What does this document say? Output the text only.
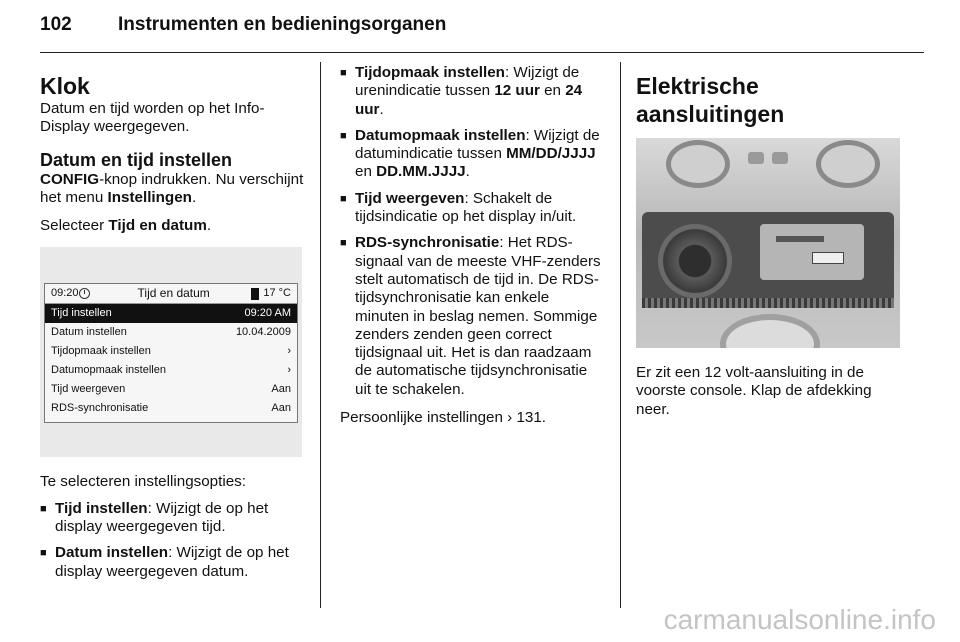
102 Instrumenten en bedieningsorganen
Klok

Datum en tijd worden op het Info-Display weergegeven.

Datum en tijd instellen

CONFIG-knop indrukken. Nu verschijnt het menu Instellingen.

Selecteer Tijd en datum.

09:20	Tijd en datum	17 °C
Tijd instellen	09:20 AM
Datum instellen	10.04.2009
Tijdopmaak instellen	›
Datumopmaak instellen	›
Tijd weergeven	Aan
RDS-synchronisatie	Aan

Te selecteren instellingsopties:

■ Tijd instellen: Wijzigt de op het display weergegeven tijd.
■ Datum instellen: Wijzigt de op het display weergegeven datum.
■ Tijdopmaak instellen: Wijzigt de urenindicatie tussen 12 uur en 24 uur.
■ Datumopmaak instellen: Wijzigt de datumindicatie tussen MM/DD/JJJJ en DD.MM.JJJJ.
■ Tijd weergeven: Schakelt de tijdsindicatie op het display in/uit.
■ RDS-synchronisatie: Het RDS-signaal van de meeste VHF-zenders stelt automatisch de tijd in. De RDS-tijdsynchronisatie kan enkele minuten in beslag nemen. Sommige zenders zenden geen correct tijdsignaal uit. Het is dan raadzaam de automatische tijdsynchronisatie uit te schakelen.

Persoonlijke instellingen › 131.

Elektrische aansluitingen

Er zit een 12 volt-aansluiting in de voorste console. Klap de afdekking neer.

carmanualsonline.info
